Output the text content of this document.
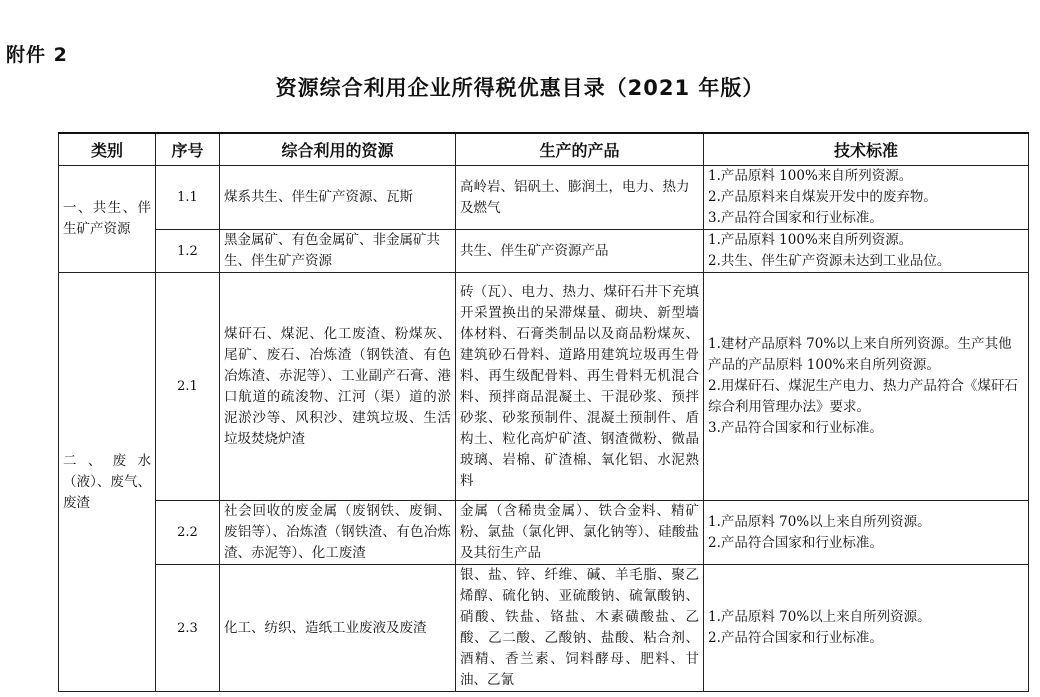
附件 2
资源综合利用企业所得税优惠目录（2021 年版）
类别	序号	综合利用的资源	生产的产品	技术标准
一、共生、伴生矿产资源	1.1	煤系共生、伴生矿产资源、瓦斯	高岭岩、铝矾土、膨润土，电力、热力及燃气	1.产品原料 100%来自所列资源。
2.产品原料来自煤炭开发中的废弃物。
3.产品符合国家和行业标准。
	1.2	黑金属矿、有色金属矿、非金属矿共生、伴生矿产资源	共生、伴生矿产资源产品	1.产品原料 100%来自所列资源。
2.共生、伴生矿产资源未达到工业品位。
二、废水（液）、废气、废渣	2.1	煤矸石、煤泥、化工废渣、粉煤灰、尾矿、废石、冶炼渣（钢铁渣、有色冶炼渣、赤泥等）、工业副产石膏、港口航道的疏浚物、江河（渠）道的淤泥淤沙等、风积沙、建筑垃圾、生活垃圾焚烧炉渣	砖（瓦）、电力、热力、煤矸石井下充填开采置换出的呆滞煤量、砌块、新型墙体材料、石膏类制品以及商品粉煤灰、建筑砂石骨料、道路用建筑垃圾再生骨料、再生级配骨料、再生骨料无机混合料、预拌商品混凝土、干混砂浆、预拌砂浆、砂浆预制件、混凝土预制件、盾构土、粒化高炉矿渣、钢渣微粉、微晶玻璃、岩棉、矿渣棉、氧化铝、水泥熟料	1.建材产品原料 70%以上来自所列资源。生产其他产品的产品原料 100%来自所列资源。
2.用煤矸石、煤泥生产电力、热力产品符合《煤矸石综合利用管理办法》要求。
3.产品符合国家和行业标准。
	2.2	社会回收的废金属（废钢铁、废铜、废铝等）、冶炼渣（钢铁渣、有色冶炼渣、赤泥等）、化工废渣	金属（含稀贵金属）、铁合金料、精矿粉、氯盐（氯化钾、氯化钠等）、硅酸盐及其衍生产品	1.产品原料 70%以上来自所列资源。
2.产品符合国家和行业标准。
	2.3	化工、纺织、造纸工业废液及废渣	银、盐、锌、纤维、碱、羊毛脂、聚乙烯醇、硫化钠、亚硫酸钠、硫氰酸钠、硝酸、铁盐、铬盐、木素磺酸盐、乙酸、乙二酸、乙酸钠、盐酸、粘合剂、酒精、香兰素、饲料酵母、肥料、甘油、乙氰	1.产品原料 70%以上来自所列资源。
2.产品符合国家和行业标准。
